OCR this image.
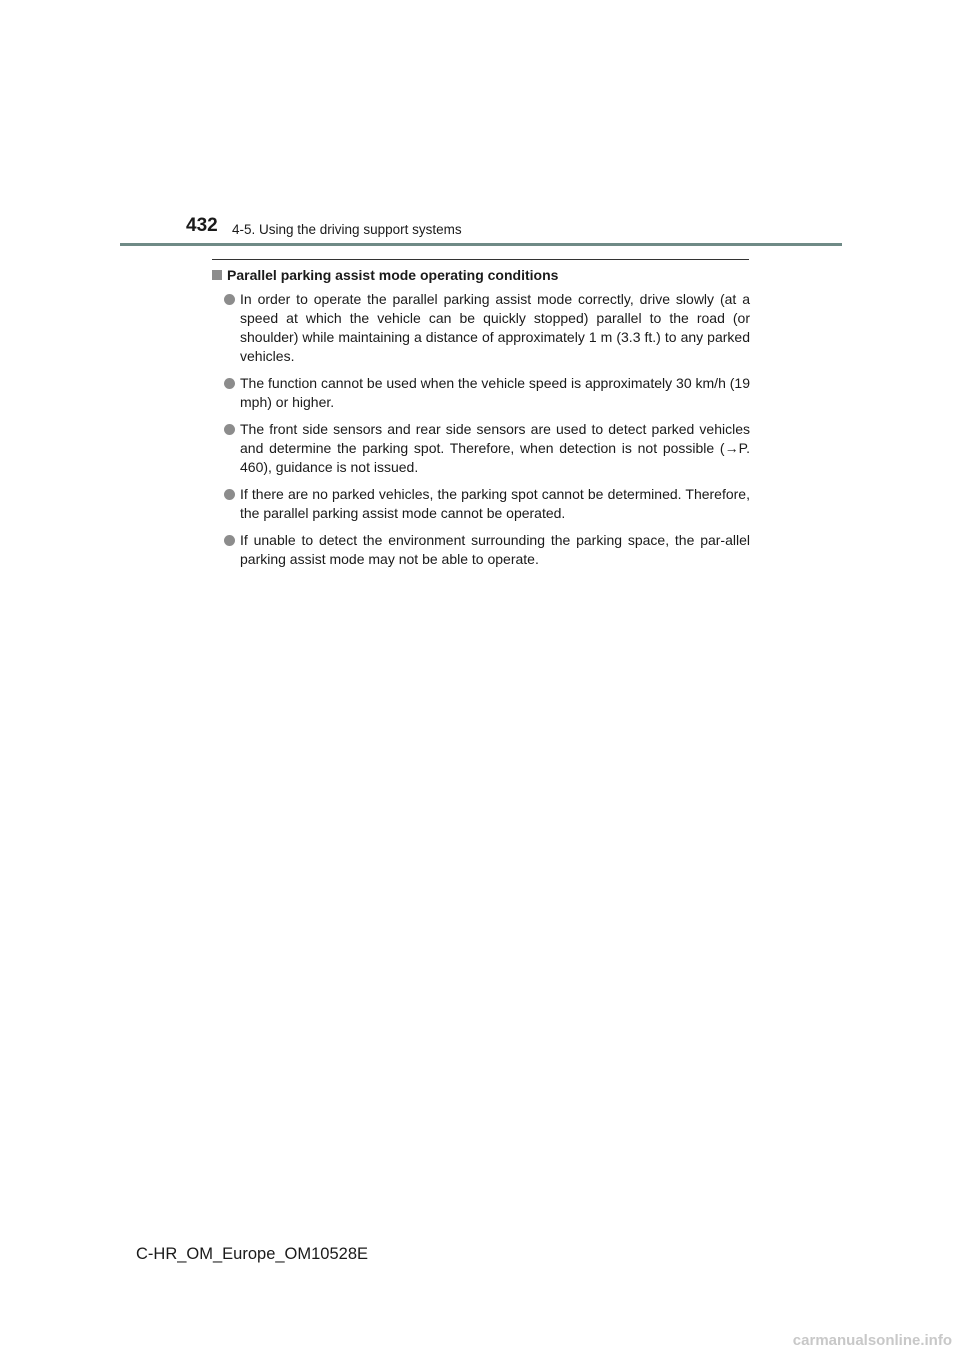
432 4-5. Using the driving support systems
Parallel parking assist mode operating conditions
In order to operate the parallel parking assist mode correctly, drive slowly (at a speed at which the vehicle can be quickly stopped) parallel to the road (or shoulder) while maintaining a distance of approximately 1 m (3.3 ft.) to any parked vehicles.
The function cannot be used when the vehicle speed is approximately 30 km/h (19 mph) or higher.
The front side sensors and rear side sensors are used to detect parked vehicles and determine the parking spot. Therefore, when detection is not possible (→P. 460), guidance is not issued.
If there are no parked vehicles, the parking spot cannot be determined. Therefore, the parallel parking assist mode cannot be operated.
If unable to detect the environment surrounding the parking space, the par-allel parking assist mode may not be able to operate.
C-HR_OM_Europe_OM10528E
carmanualsonline.info
